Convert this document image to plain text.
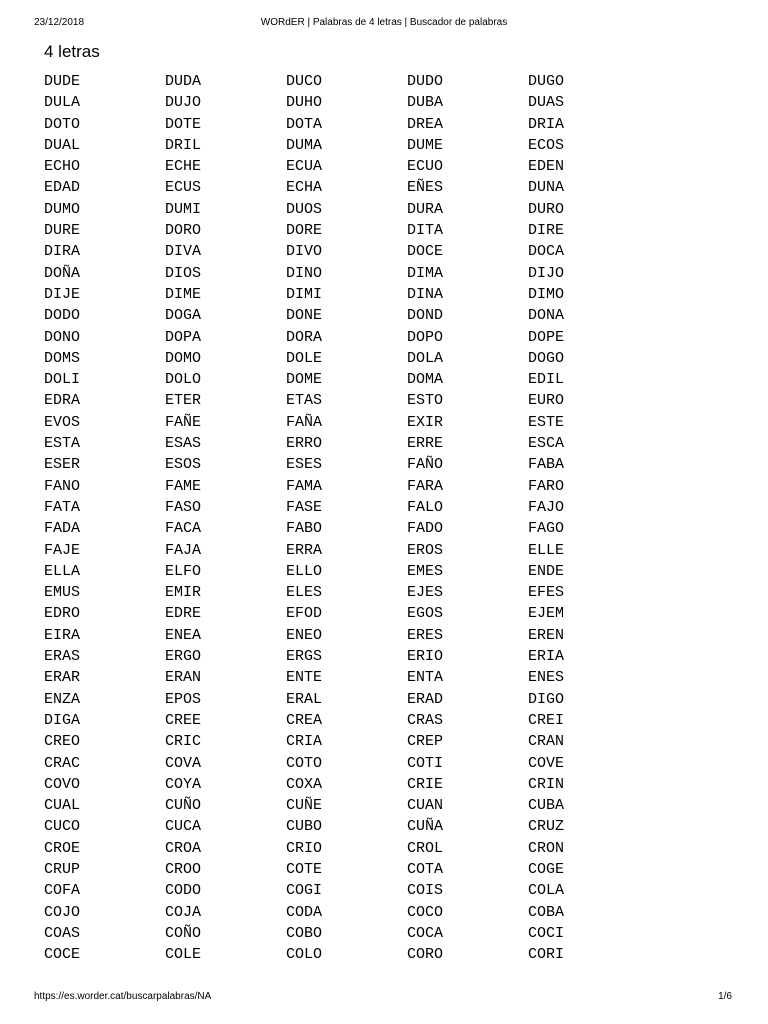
23/12/2018	WORdER | Palabras de 4 letras | Buscador de palabras
4 letras
DUDE	DUDA	DUCO	DUDO	DUGO
DULA	DUJO	DUHO	DUBA	DUAS
DOTO	DOTE	DOTA	DREA	DRIA
DUAL	DRIL	DUMA	DUME	ECOS
ECHO	ECHE	ECUA	ECUO	EDEN
EDAD	ECUS	ECHA	EÑES	DUNA
DUMO	DUMI	DUOS	DURA	DURO
DURE	DORO	DORE	DITA	DIRE
DIRA	DIVA	DIVO	DOCE	DOCA
DOÑA	DIOS	DINO	DIMA	DIJO
DIJE	DIME	DIMI	DINA	DIMO
DODO	DOGA	DONE	DOND	DONA
DONO	DOPA	DORA	DOPO	DOPE
DOMS	DOMO	DOLE	DOLA	DOGO
DOLI	DOLO	DOME	DOMA	EDIL
EDRA	ETER	ETAS	ESTO	EURO
EVOS	FAÑE	FAÑA	EXIR	ESTE
ESTA	ESAS	ERRO	ERRE	ESCA
ESER	ESOS	ESES	FAÑO	FABA
FANO	FAME	FAMA	FARA	FARO
FATA	FASO	FASE	FALO	FAJO
FADA	FACA	FABO	FADO	FAGO
FAJE	FAJA	ERRA	EROS	ELLE
ELLA	ELFO	ELLO	EMES	ENDE
EMUS	EMIR	ELES	EJES	EFES
EDRO	EDRE	EFOD	EGOS	EJEM
EIRA	ENEA	ENEO	ERES	EREN
ERAS	ERGO	ERGS	ERIO	ERIA
ERAR	ERAN	ENTE	ENTA	ENES
ENZA	EPOS	ERAL	ERAD	DIGO
DIGA	CREE	CREA	CRAS	CREI
CREO	CRIC	CRIA	CREP	CRAN
CRAC	COVA	COTO	COTI	COVE
COVO	COYA	COXA	CRIE	CRIN
CUAL	CUÑO	CUÑE	CUAN	CUBA
CUCO	CUCA	CUBO	CUÑA	CRUZ
CROE	CROA	CRIO	CROL	CRON
CRUP	CROO	COTE	COTA	COGE
COFA	CODO	COGI	COIS	COLA
COJO	COJA	CODA	COCO	COBA
COAS	COÑO	COBO	COCA	COCI
COCE	COLE	COLO	CORO	CORI
https://es.worder.cat/buscarpalabras/NA	1/6
